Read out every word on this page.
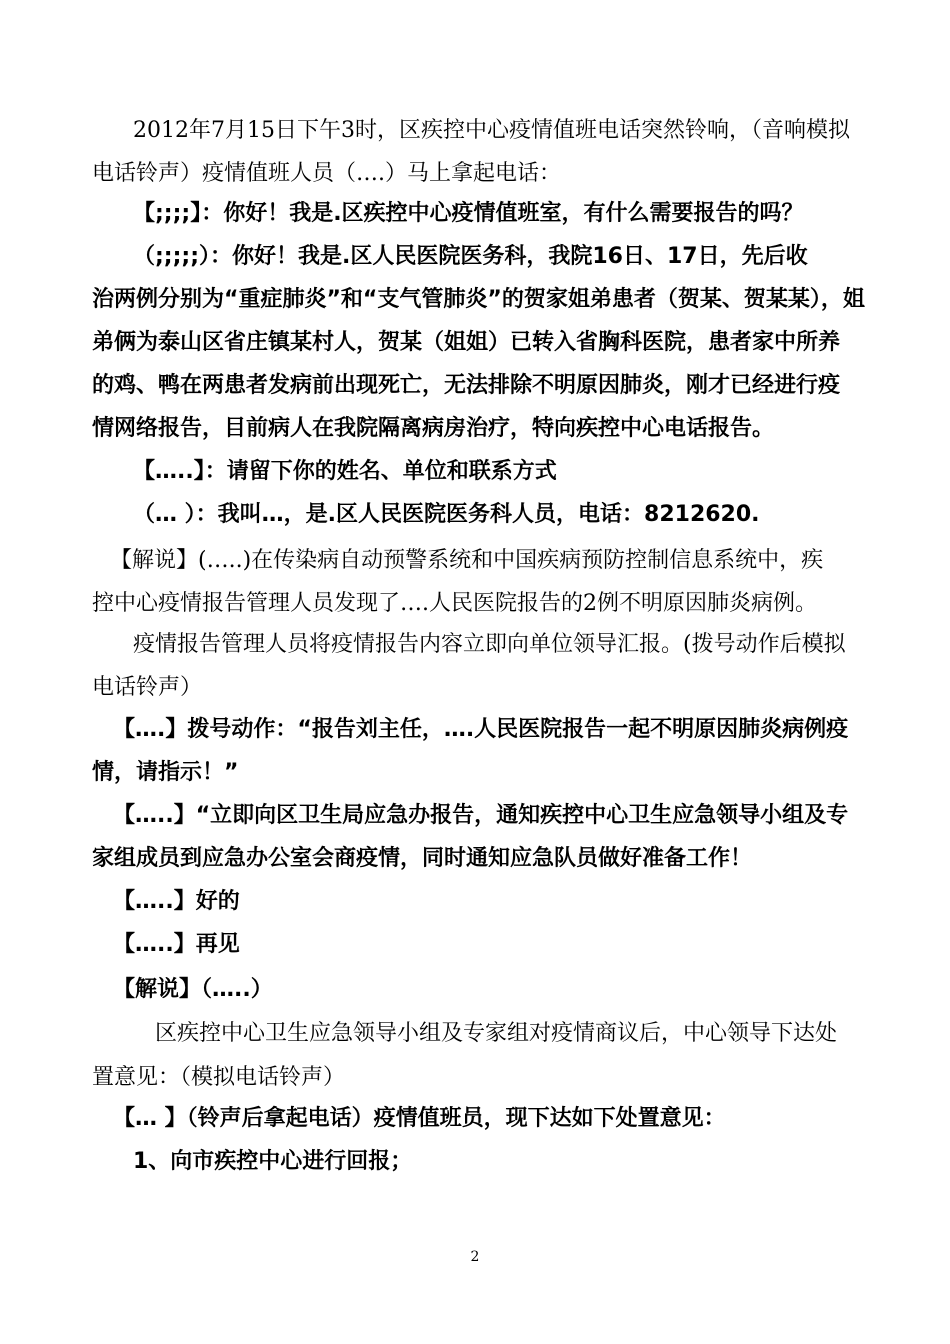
2012年7月15日下午3时，区疾控中心疫情值班电话突然铃响，（音响模拟
电话铃声）疫情值班人员（….）马上拿起电话：
【;;;;】：你好！我是.区疾控中心疫情值班室，有什么需要报告的吗？
（;;;;;）：你好！我是.区人民医院医务科，我院16日、17日，先后收
治两例分别为“重症肺炎”和“支气管肺炎”的贺家姐弟患者（贺某、贺某某），姐
弟俩为泰山区省庄镇某村人，贺某（姐姐）已转入省胸科医院，患者家中所养
的鸡、鸭在两患者发病前出现死亡，无法排除不明原因肺炎，刚才已经进行疫
情网络报告，目前病人在我院隔离病房治疗，特向疾控中心电话报告。
【…..】：请留下你的姓名、单位和联系方式
（… ）：我叫…，是.区人民医院医务科人员，电话：8212620.
【解说】(…..)在传染病自动预警系统和中国疾病预防控制信息系统中，疾
控中心疫情报告管理人员发现了….人民医院报告的2例不明原因肺炎病例。
疫情报告管理人员将疫情报告内容立即向单位领导汇报。(拨号动作后模拟
电话铃声）
【….】拨号动作：“报告刘主任，….人民医院报告一起不明原因肺炎病例疫
情，请指示！”
【…..】“立即向区卫生局应急办报告，通知疾控中心卫生应急领导小组及专
家组成员到应急办公室会商疫情，同时通知应急队员做好准备工作！
【…..】好的
【…..】再见
【解说】（…..）
区疾控中心卫生应急领导小组及专家组对疫情商议后，中心领导下达处
置意见：（模拟电话铃声）
【… 】（铃声后拿起电话）疫情值班员，现下达如下处置意见：
1、向市疾控中心进行回报；
2
